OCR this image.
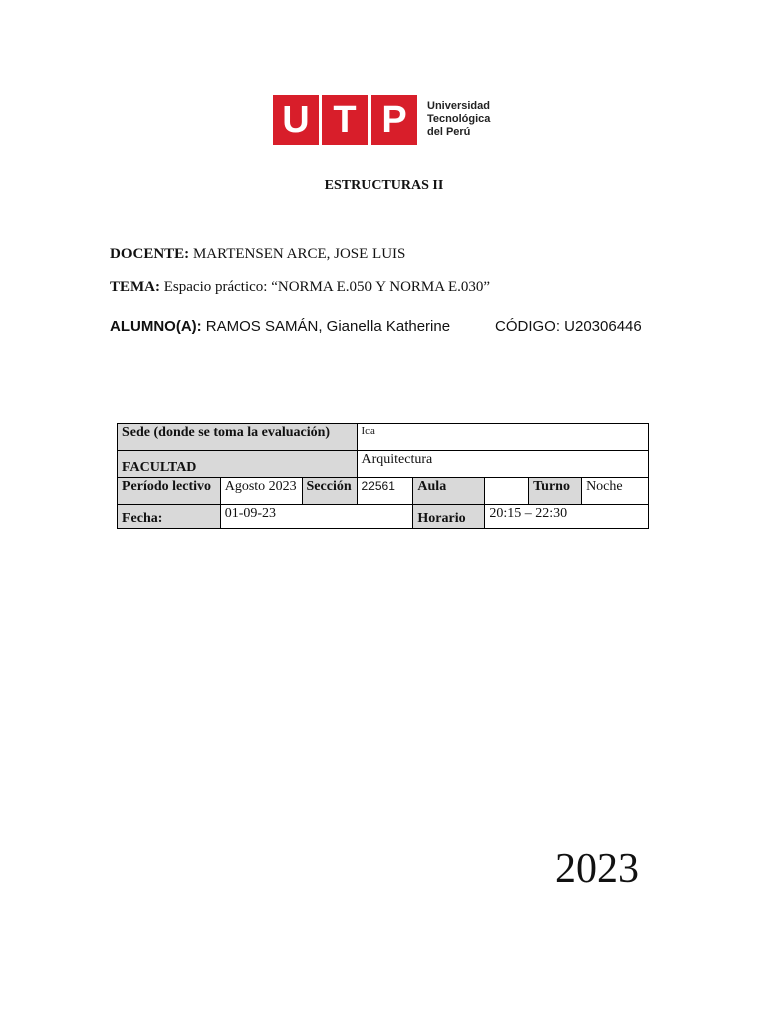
U T P	Universidad
Tecnológica
del Perú
ESTRUCTURAS II
DOCENTE: MARTENSEN ARCE, JOSE LUIS
TEMA: Espacio práctico: “NORMA E.050 Y NORMA E.030”
ALUMNO(A): RAMOS SAMÁN, Gianella Katherine	CÓDIGO: U20306446
Sede (donde se toma la evaluación)			Ica				
FACULTAD			Arquitectura				
Período lectivo	Agosto 2023	Sección	22561	Aula		Turno	Noche
Fecha:	01-09-23			Horario	20:15 – 22:30		
2023
